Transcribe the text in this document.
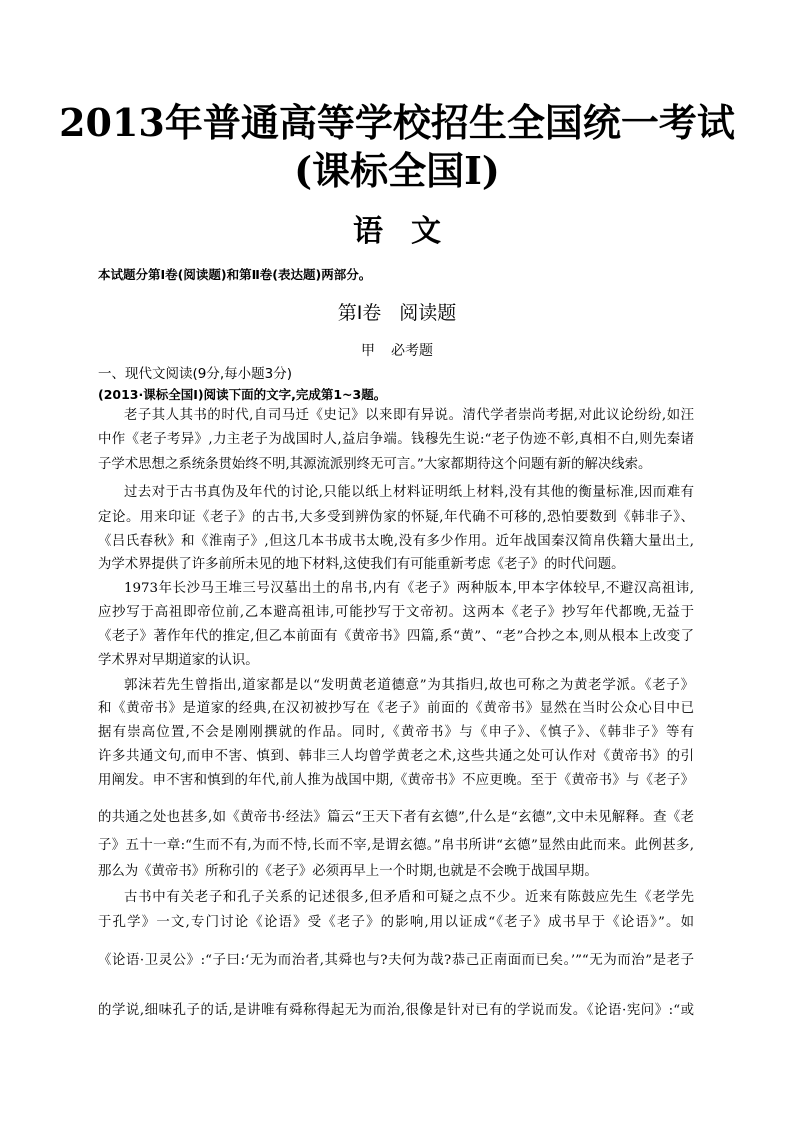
2013年普通高等学校招生全国统一考试
(课标全国Ⅰ)
语文
本试题分第Ⅰ卷(阅读题)和第Ⅱ卷(表达题)两部分。
第Ⅰ卷 阅读题
甲 必考题
一、现代文阅读(9分,每小题3分)
(2013·课标全国Ⅰ)阅读下面的文字,完成第1~3题。
老子其人其书的时代,自司马迁《史记》以来即有异说。清代学者崇尚考据,对此议论纷纷,如汪
中作《老子考异》,力主老子为战国时人,益启争端。钱穆先生说:“老子伪迹不彰,真相不白,则先秦诸
子学术思想之系统条贯始终不明,其源流派别终无可言。”大家都期待这个问题有新的解决线索。
过去对于古书真伪及年代的讨论,只能以纸上材料证明纸上材料,没有其他的衡量标准,因而难有
定论。用来印证《老子》的古书,大多受到辨伪家的怀疑,年代确不可移的,恐怕要数到《韩非子》、
《吕氏春秋》和《淮南子》,但这几本书成书太晚,没有多少作用。近年战国秦汉简帛佚籍大量出土,
为学术界提供了许多前所未见的地下材料,这使我们有可能重新考虑《老子》的时代问题。
1973年长沙马王堆三号汉墓出土的帛书,内有《老子》两种版本,甲本字体较早,不避汉高祖讳,
应抄写于高祖即帝位前,乙本避高祖讳,可能抄写于文帝初。这两本《老子》抄写年代都晚,无益于
《老子》著作年代的推定,但乙本前面有《黄帝书》四篇,系“黄”、“老”合抄之本,则从根本上改变了
学术界对早期道家的认识。
郭沫若先生曾指出,道家都是以“发明黄老道德意”为其指归,故也可称之为黄老学派。《老子》
和《黄帝书》是道家的经典,在汉初被抄写在《老子》前面的《黄帝书》显然在当时公众心目中已
据有崇高位置,不会是刚刚撰就的作品。同时,《黄帝书》与《申子》、《慎子》、《韩非子》等有
许多共通文句,而申不害、慎到、韩非三人均曾学黄老之术,这些共通之处可认作对《黄帝书》的引
用阐发。申不害和慎到的年代,前人推为战国中期,《黄帝书》不应更晚。至于《黄帝书》与《老子》
的共通之处也甚多,如《黄帝书·经法》篇云“王天下者有玄德”,什么是“玄德”,文中未见解释。查《老
子》五十一章:“生而不有,为而不恃,长而不宰,是谓玄德。”帛书所讲“玄德”显然由此而来。此例甚多,
那么为《黄帝书》所称引的《老子》必须再早上一个时期,也就是不会晚于战国早期。
古书中有关老子和孔子关系的记述很多,但矛盾和可疑之点不少。近来有陈鼓应先生《老学先
于孔学》一文,专门讨论《论语》受《老子》的影响,用以证成“《老子》成书早于《论语》”。如
《论语·卫灵公》:“子曰:‘无为而治者,其舜也与?夫何为哉?恭己正南面而已矣。’”“无为而治”是老子
的学说,细味孔子的话,是讲唯有舜称得起无为而治,很像是针对已有的学说而发。《论语·宪问》:“或
